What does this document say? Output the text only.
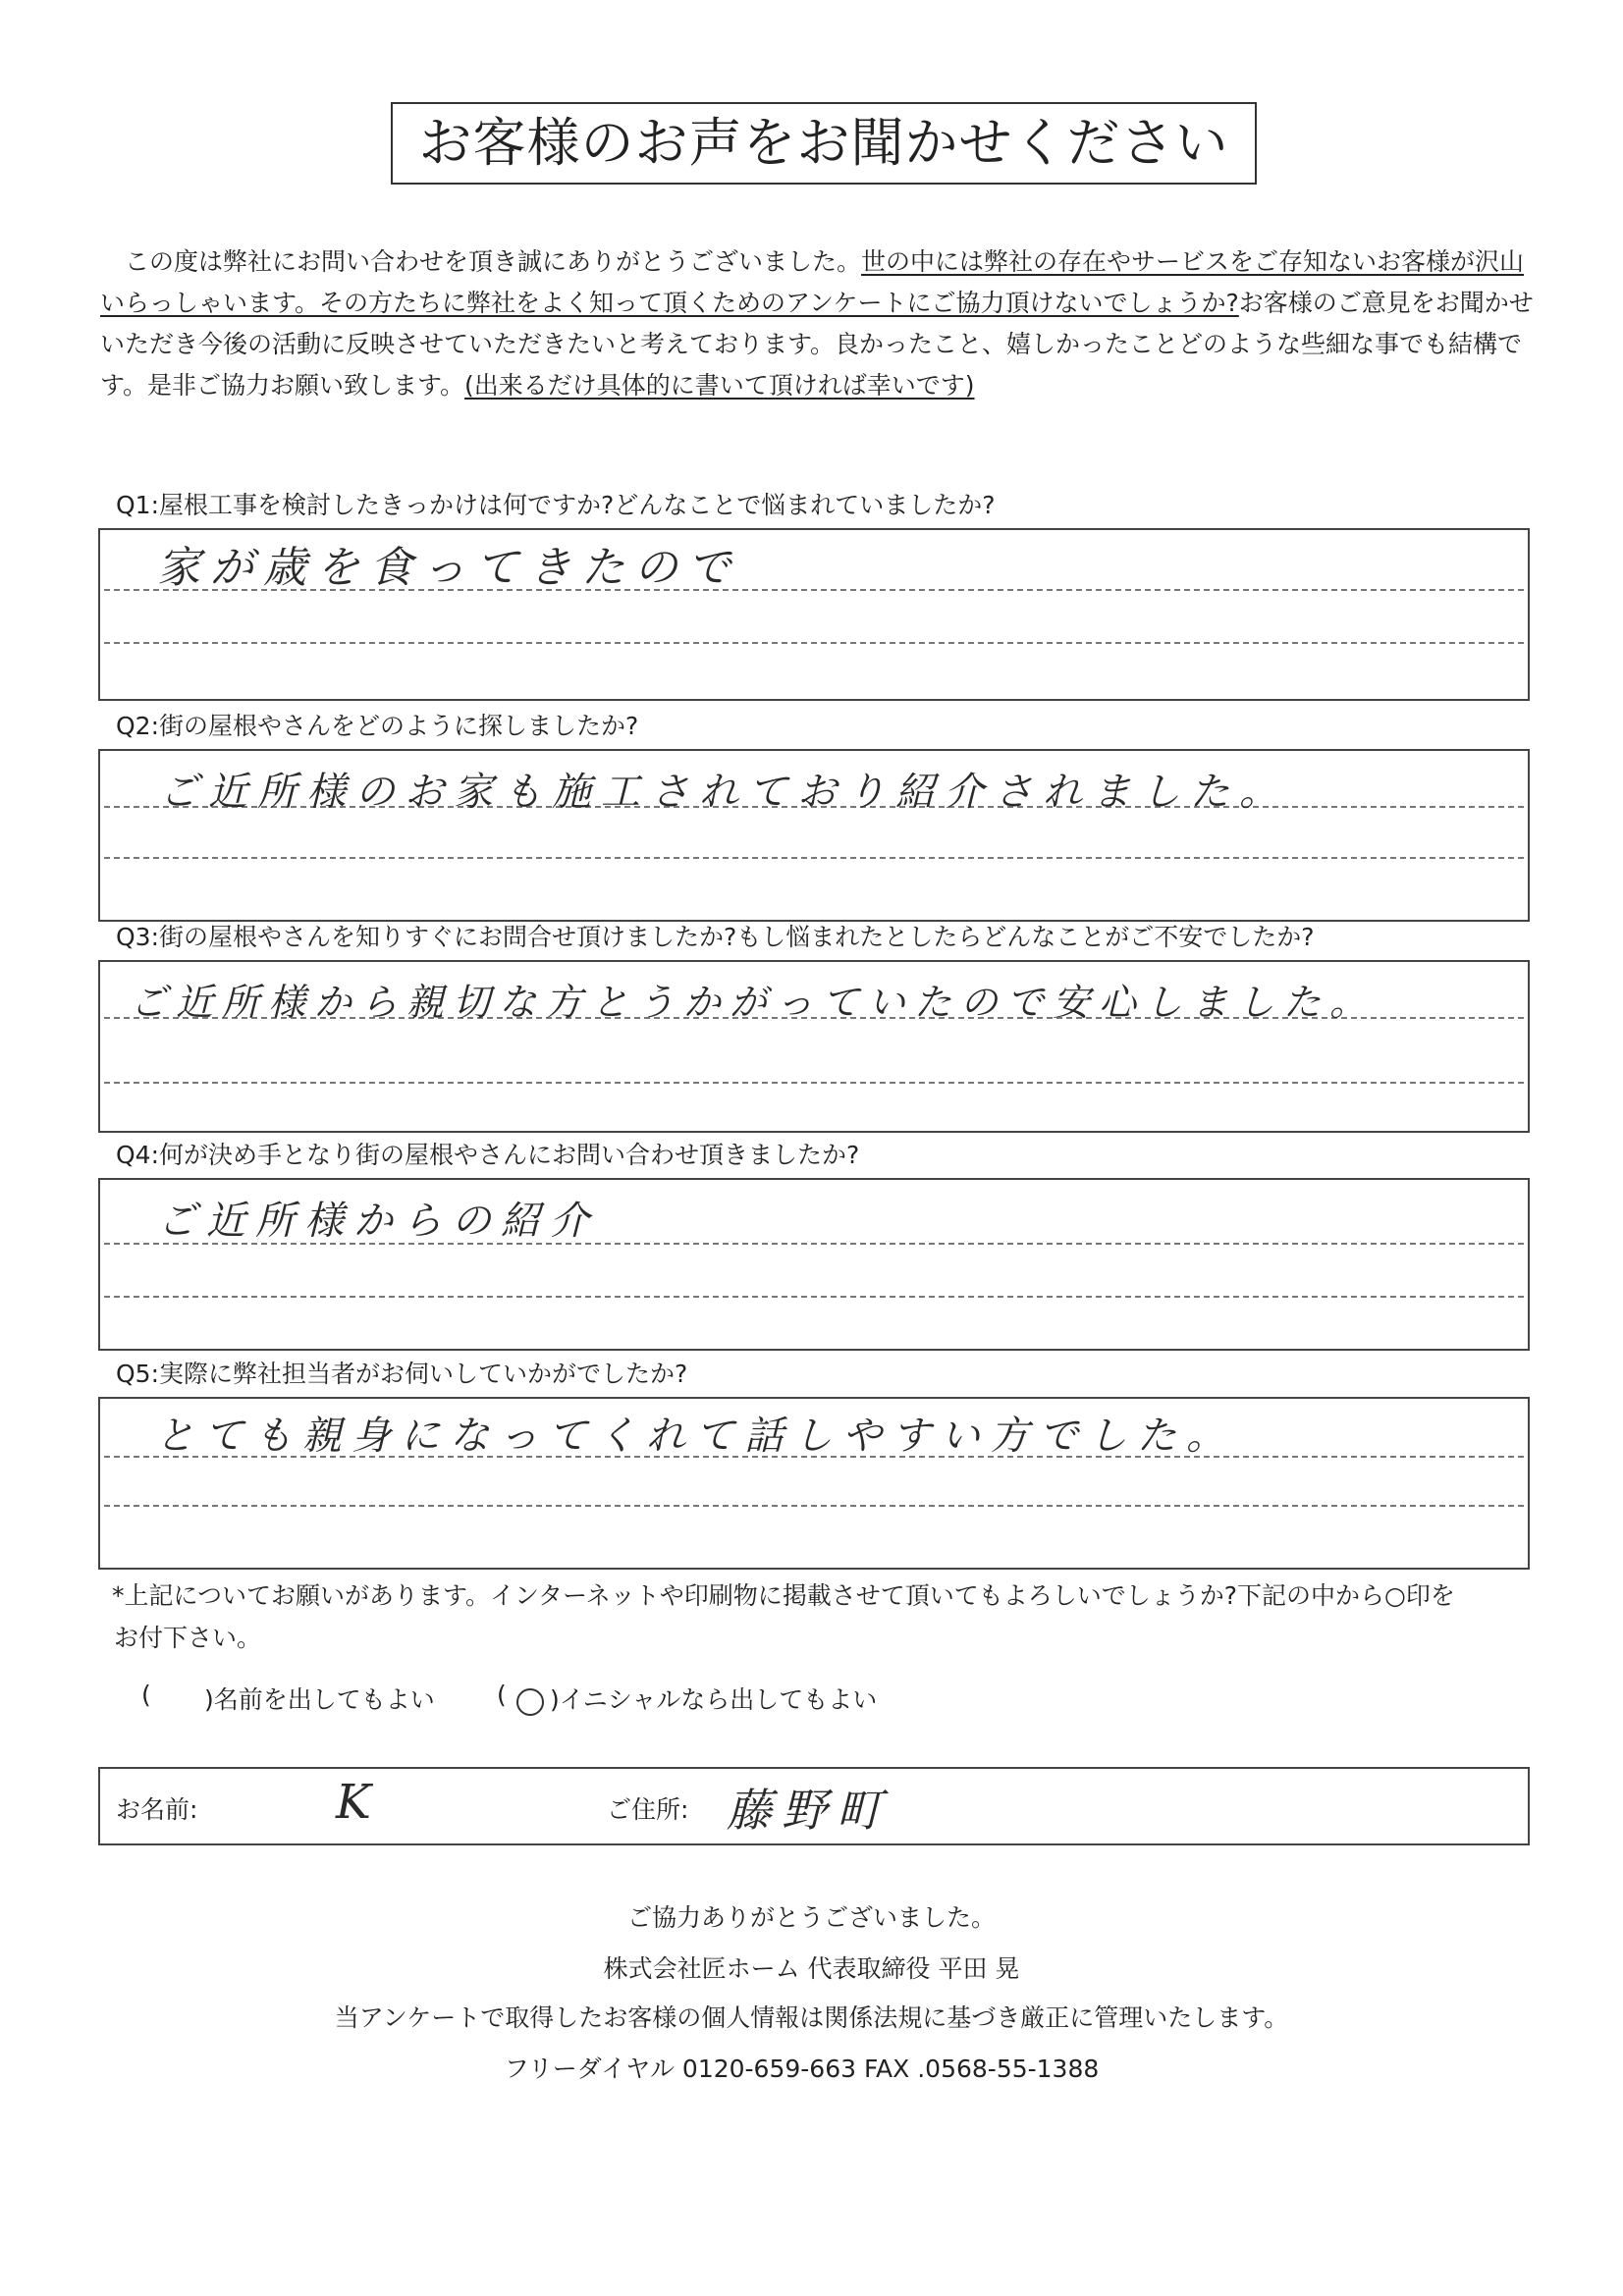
お客様のお声をお聞かせください

この度は弊社にお問い合わせを頂き誠にありがとうございました。世の中には弊社の存在やサービスをご存知ないお客様が沢山いらっしゃいます。その方たちに弊社をよく知って頂くためのアンケートにご協力頂けないでしょうか?お客様のご意見をお聞かせいただき今後の活動に反映させていただきたいと考えております。良かったこと、嬉しかったことどのような些細な事でも結構です。是非ご協力お願い致します。(出来るだけ具体的に書いて頂ければ幸いです)

Q1:屋根工事を検討したきっかけは何ですか?どんなことで悩まれていましたか?
家が歳を食ってきたので
Q2:街の屋根やさんをどのように探しましたか?
ご近所様のお家も施工されており紹介されました。
Q3:街の屋根やさんを知りすぐにお問合せ頂けましたか?もし悩まれたとしたらどんなことがご不安でしたか?
ご近所様から親切な方とうかがっていたので安心しました。
Q4:何が決め手となり街の屋根やさんにお問い合わせ頂きましたか?
ご近所様からの紹介
Q5:実際に弊社担当者がお伺いしていかがでしたか?
とても親身になってくれて話しやすい方でした。
*上記についてお願いがあります。インターネットや印刷物に掲載させて頂いてもよろしいでしょうか?下記の中から○印を
お付下さい。
( )名前を出してもよい	( )イニシャルなら出してもよい
お名前:	K	ご住所: 藤野町
ご協力ありがとうございました。
株式会社匠ホーム 代表取締役 平田 晃
当アンケートで取得したお客様の個人情報は関係法規に基づき厳正に管理いたします。
フリーダイヤル 0120-659-663 FAX .0568-55-1388
